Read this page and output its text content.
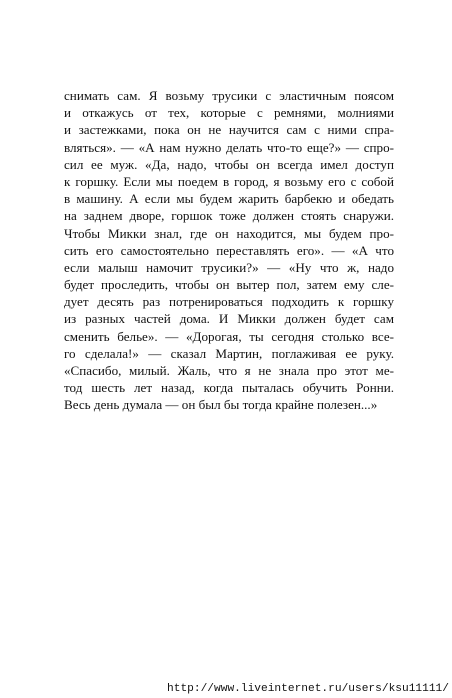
снимать сам. Я возьму трусики с эластичным поясом
и откажусь от тех, которые с ремнями, молниями
и застежками, пока он не научится сам с ними спра-
вляться». — «А нам нужно делать что-то еще?» — спро-
сил ее муж. «Да, надо, чтобы он всегда имел доступ
к горшку. Если мы поедем в город, я возьму его с собой
в машину. А если мы будем жарить барбекю и обедать
на заднем дворе, горшок тоже должен стоять снаружи.
Чтобы Микки знал, где он находится, мы будем про-
сить его самостоятельно переставлять его». — «А что
если малыш намочит трусики?» — «Ну что ж, надо
будет проследить, чтобы он вытер пол, затем ему сле-
дует десять раз потренироваться подходить к горшку
из разных частей дома. И Микки должен будет сам
сменить белье». — «Дорогая, ты сегодня столько все-
го сделала!» — сказал Мартин, поглаживая ее руку.
«Спасибо, милый. Жаль, что я не знала про этот ме-
тод шесть лет назад, когда пыталась обучить Ронни.
Весь день думала — он был бы тогда крайне полезен...»
http://www.liveinternet.ru/users/ksu11111/
